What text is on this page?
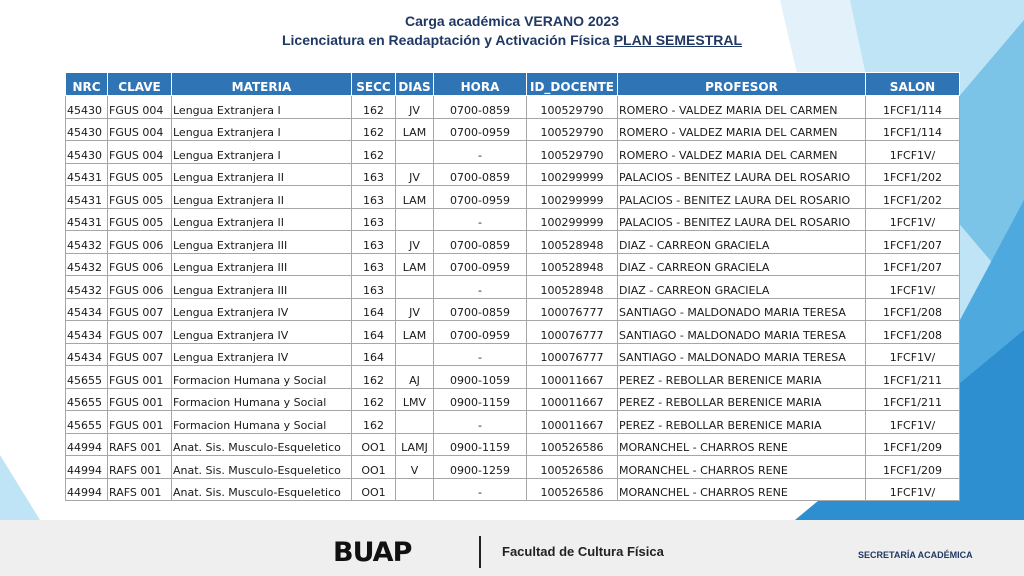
Carga académica VERANO 2023
Licenciatura en Readaptación y Activación Física PLAN SEMESTRAL
NRC	CLAVE	MATERIA	SECC	DIAS	HORA	ID_DOCENTE	PROFESOR	SALON
45430	FGUS 004	Lengua Extranjera I	162	JV	0700-0859	100529790	ROMERO - VALDEZ MARIA DEL CARMEN	1FCF1/114
45430	FGUS 004	Lengua Extranjera I	162	LAM	0700-0959	100529790	ROMERO - VALDEZ MARIA DEL CARMEN	1FCF1/114
45430	FGUS 004	Lengua Extranjera I	162		-	100529790	ROMERO - VALDEZ MARIA DEL CARMEN	1FCF1V/
45431	FGUS 005	Lengua Extranjera II	163	JV	0700-0859	100299999	PALACIOS - BENITEZ LAURA DEL ROSARIO	1FCF1/202
45431	FGUS 005	Lengua Extranjera II	163	LAM	0700-0959	100299999	PALACIOS - BENITEZ LAURA DEL ROSARIO	1FCF1/202
45431	FGUS 005	Lengua Extranjera II	163		-	100299999	PALACIOS - BENITEZ LAURA DEL ROSARIO	1FCF1V/
45432	FGUS 006	Lengua Extranjera III	163	JV	0700-0859	100528948	DIAZ - CARREON GRACIELA	1FCF1/207
45432	FGUS 006	Lengua Extranjera III	163	LAM	0700-0959	100528948	DIAZ - CARREON GRACIELA	1FCF1/207
45432	FGUS 006	Lengua Extranjera III	163		-	100528948	DIAZ - CARREON GRACIELA	1FCF1V/
45434	FGUS 007	Lengua Extranjera IV	164	JV	0700-0859	100076777	SANTIAGO - MALDONADO MARIA TERESA	1FCF1/208
45434	FGUS 007	Lengua Extranjera IV	164	LAM	0700-0959	100076777	SANTIAGO - MALDONADO MARIA TERESA	1FCF1/208
45434	FGUS 007	Lengua Extranjera IV	164		-	100076777	SANTIAGO - MALDONADO MARIA TERESA	1FCF1V/
45655	FGUS 001	Formacion Humana y Social	162	AJ	0900-1059	100011667	PEREZ - REBOLLAR BERENICE MARIA	1FCF1/211
45655	FGUS 001	Formacion Humana y Social	162	LMV	0900-1159	100011667	PEREZ - REBOLLAR BERENICE MARIA	1FCF1/211
45655	FGUS 001	Formacion Humana y Social	162		-	100011667	PEREZ - REBOLLAR BERENICE MARIA	1FCF1V/
44994	RAFS 001	Anat. Sis. Musculo-Esqueletico	OO1	LAMJ	0900-1159	100526586	MORANCHEL - CHARROS RENE	1FCF1/209
44994	RAFS 001	Anat. Sis. Musculo-Esqueletico	OO1	V	0900-1259	100526586	MORANCHEL - CHARROS RENE	1FCF1/209
44994	RAFS 001	Anat. Sis. Musculo-Esqueletico	OO1		-	100526586	MORANCHEL - CHARROS RENE	1FCF1V/
BUAP	Facultad de Cultura Física	SECRETARÍA ACADÉMICA
